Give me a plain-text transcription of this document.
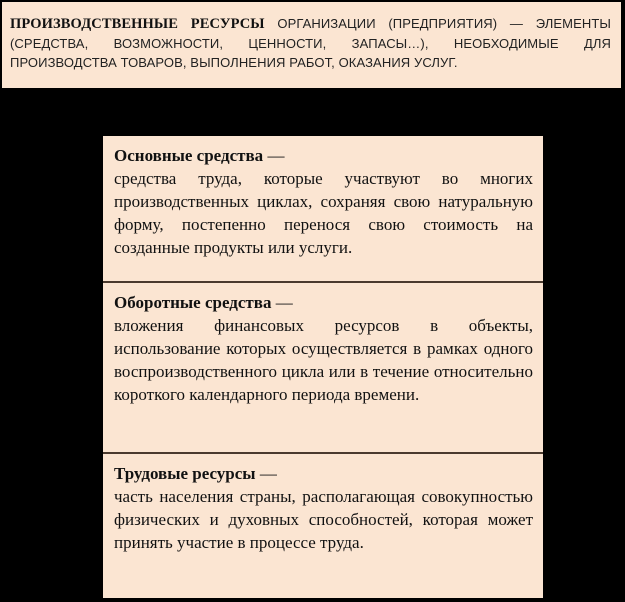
ПРОИЗВОДСТВЕННЫЕ РЕСУРСЫ ОРГАНИЗАЦИИ (ПРЕДПРИЯТИЯ) — ЭЛЕМЕНТЫ (СРЕДСТВА, ВОЗМОЖНОСТИ, ЦЕННОСТИ, ЗАПАСЫ…), НЕОБХОДИМЫЕ ДЛЯ ПРОИЗВОДСТВА ТОВАРОВ, ВЫПОЛНЕНИЯ РАБОТ, ОКАЗАНИЯ УСЛУГ.
Основные средства —
средства труда, которые участвуют во многих производственных циклах, сохраняя свою натуральную форму, постепенно перенося свою стоимость на созданные продукты или услуги.
Оборотные средства —
вложения финансовых ресурсов в объекты, использование которых осуществляется в рамках одного воспроизводственного цикла или в течение относительно короткого календарного периода времени.
Трудовые ресурсы —
часть населения страны, располагающая совокупностью физических и духовных способностей, которая может принять участие в процессе труда.
